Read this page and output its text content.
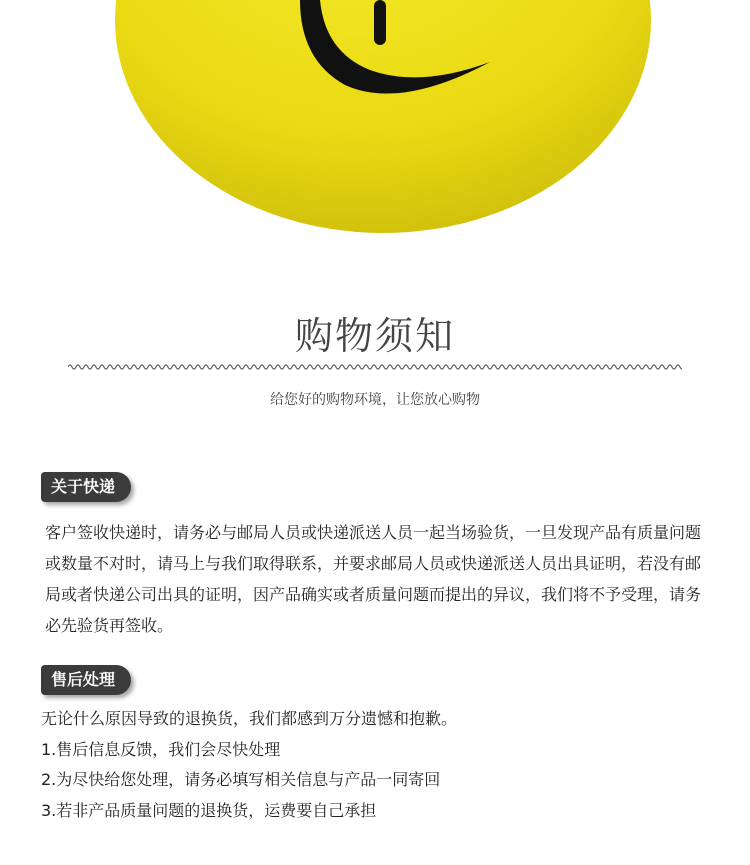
购物须知
给您好的购物环境，让您放心购物
关于快递
客户签收快递时，请务必与邮局人员或快递派送人员一起当场验货，一旦发现产品有质量问题或数量不对时，请马上与我们取得联系，并要求邮局人员或快递派送人员出具证明，若没有邮局或者快递公司出具的证明，因产品确实或者质量问题而提出的异议，我们将不予受理，请务必先验货再签收。
售后处理
无论什么原因导致的退换货，我们都感到万分遗憾和抱歉。
1.售后信息反馈，我们会尽快处理
2.为尽快给您处理，请务必填写相关信息与产品一同寄回
3.若非产品质量问题的退换货，运费要自己承担
